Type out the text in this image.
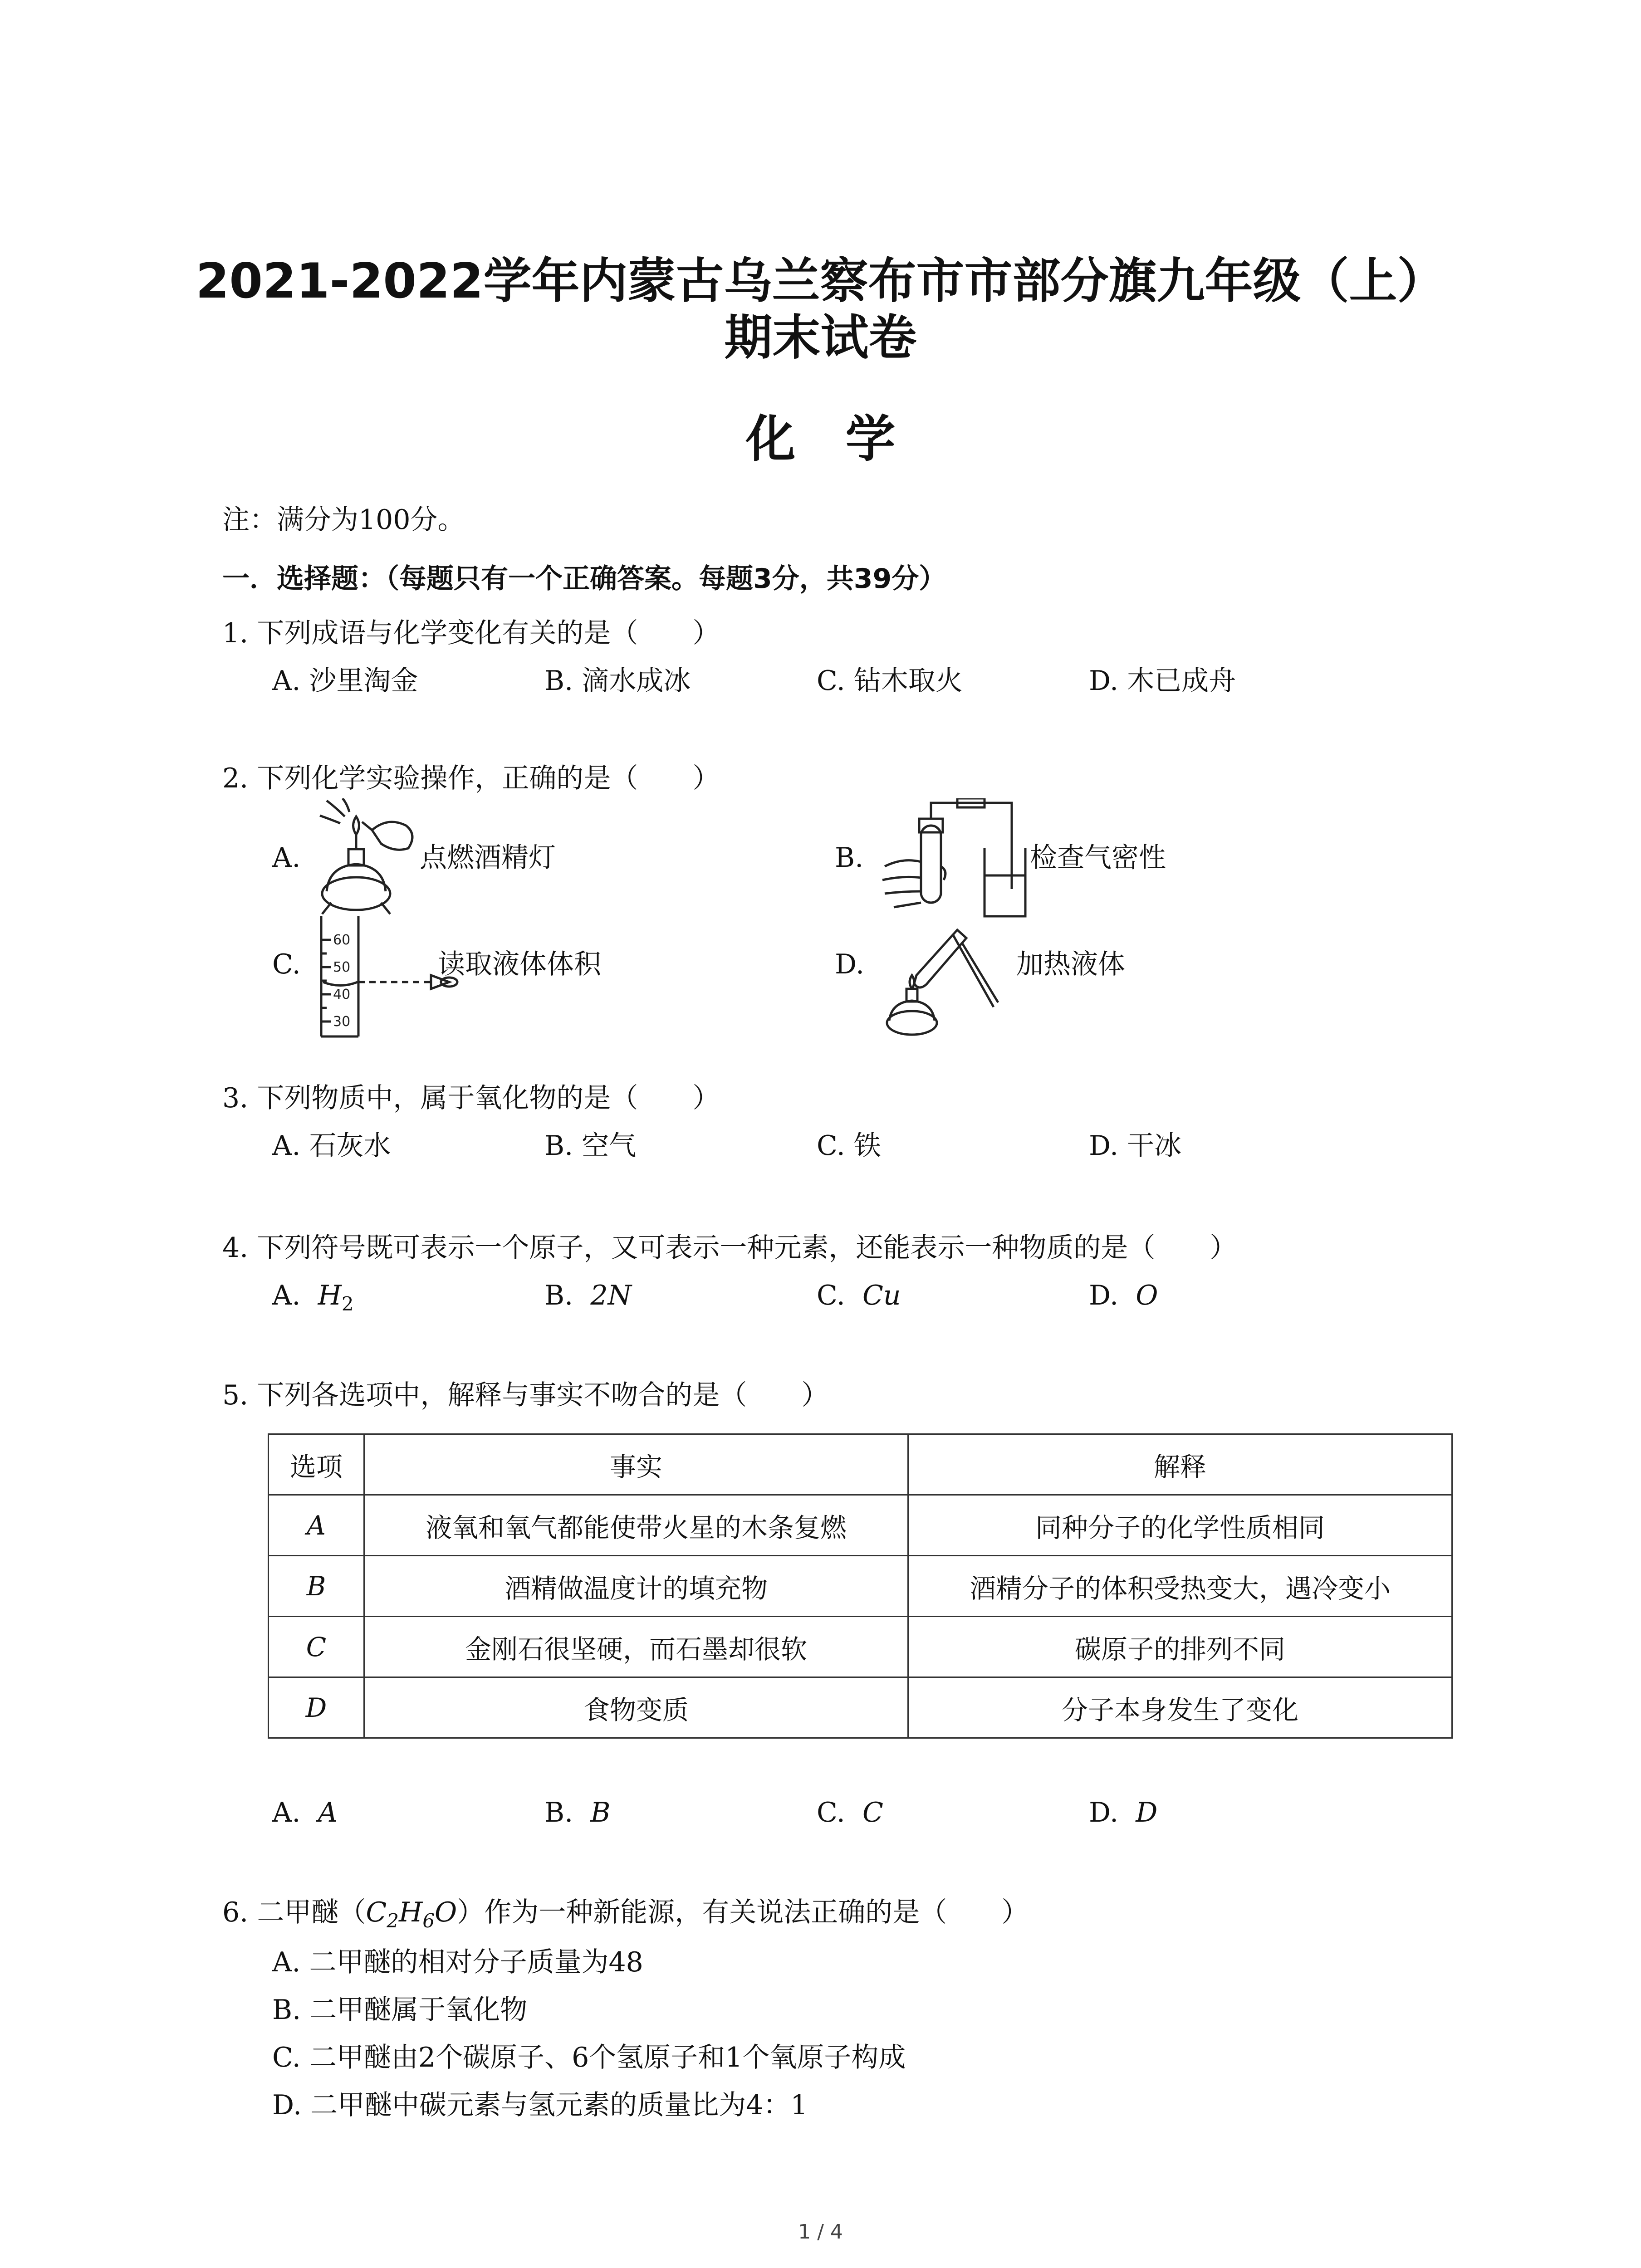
2021-2022学年内蒙古乌兰察布市市部分旗九年级（上）
期末试卷
化学
注：满分为100分。
一．选择题：（每题只有一个正确答案。每题3分，共39分）
1. 下列成语与化学变化有关的是（　　）
A. 沙里淘金	B. 滴水成冰	C. 钻木取火	D. 木已成舟
2. 下列化学实验操作，正确的是（　　）
A.	点燃酒精灯	B.	检查气密性
C.
60
50
40
30
读取液体体积	D.	加热液体
3. 下列物质中，属于氧化物的是（　　）
A. 石灰水	B. 空气	C. 铁	D. 干冰
4. 下列符号既可表示一个原子，又可表示一种元素，还能表示一种物质的是（　　）
A. $H_2$	B. 2N	C. Cu	D. O
5. 下列各选项中，解释与事实不吻合的是（　　）
选项	事实	解释
A	液氧和氧气都能使带火星的木条复燃	同种分子的化学性质相同
B	酒精做温度计的填充物	酒精分子的体积受热变大，遇冷变小
C	金刚石很坚硬，而石墨却很软	碳原子的排列不同
D	食物变质	分子本身发生了变化
A. A	B. B	C. C	D. D
6. 二甲醚$(C_2H_6O)$作为一种新能源，有关说法正确的是（　　）
A. 二甲醚的相对分子质量为48
B. 二甲醚属于氧化物
C. 二甲醚由2个碳原子、6个氢原子和1个氧原子构成
D. 二甲醚中碳元素与氢元素的质量比为4：1
1 / 4
